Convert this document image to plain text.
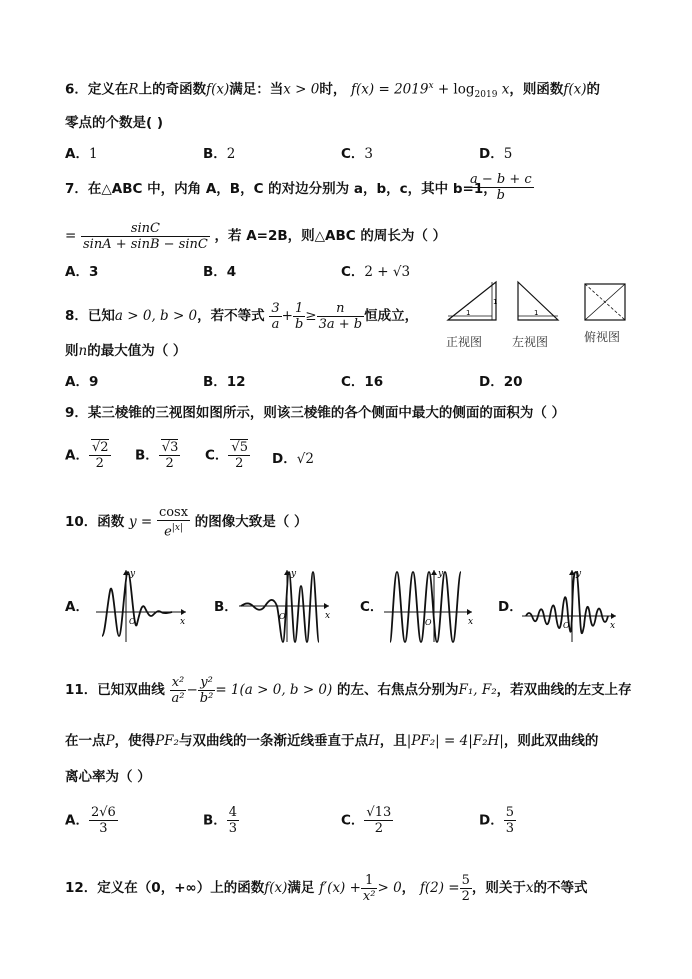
6．定义在R上的奇函数f(x)满足：当x > 0时， $f(x) = 2019^x + \log_{2019} x$，则函数f(x)的
零点的个数是( )
A．1	B．2	C．3	D．5
7．在△ABC 中，内角 A，B，C 的对边分别为 a，b，c，其中 b=1，
$\frac{a - b + c}{b}$
= $\frac{\sin C}{\sin A + \sin B - \sin C}$ ，若 A=2B，则△ABC 的周长为（ ）
A．3	B．4	C．2 + √3
8．已知a > 0, b > 0，若不等式 $\frac{3}{a} + \frac{1}{b} \ge \frac{n}{3a + b}$ 恒成立，
则n的最大值为（ ）
A．9	B．12	C．16	D．20
1
1
正视图
1
左视图	俯视图
9．某三棱锥的三视图如图所示，则该三棱锥的各个侧面中最大的侧面的面积为（ ）
A． $\frac{√2}{2}$ B． $\frac{√3}{2}$ C． $\frac{√5}{2}$ D．√2
10．函数 $y = \frac{\cos x}{e^{|x|}}$ 的图像大致是（ ）
A．
y
x
O
B．
y
x
O
C．
y
x
O
D．
y
x
O
11．已知双曲线 $\frac{\text{x²}}{\text{a²}} - \frac{\text{y²}}{\text{b²}} = 1(a > 0$, b > 0) 的左、右焦点分别为F₁, F₂，若双曲线的左支上存
在一点P，使得PF₂与双曲线的一条渐近线垂直于点H，且|PF₂| = 4|F₂H|，则此双曲线的
离心率为（ ）
A． $\frac{2√6}{3}$	B． $\frac{4}{3}$	C． $\frac{√13}{2}$	D． $\frac{5}{3}$
12．定义在（0，+∞）上的函数f(x)满足 $f'(x) + \frac{1}{\text{x²}} > 0$， $f(2) = \frac{5}{2}$ ，则关于x的不等式
